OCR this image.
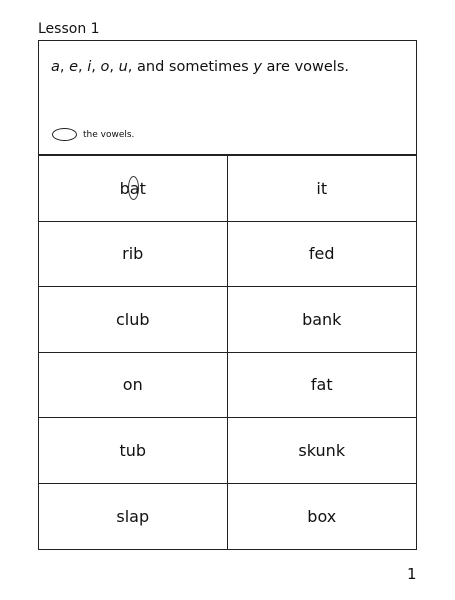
Lesson 1
a, e, i, o, u, and sometimes y are vowels.
the vowels.
bat	it
rib	fed
club	bank
on	fat
tub	skunk
slap	box
1
